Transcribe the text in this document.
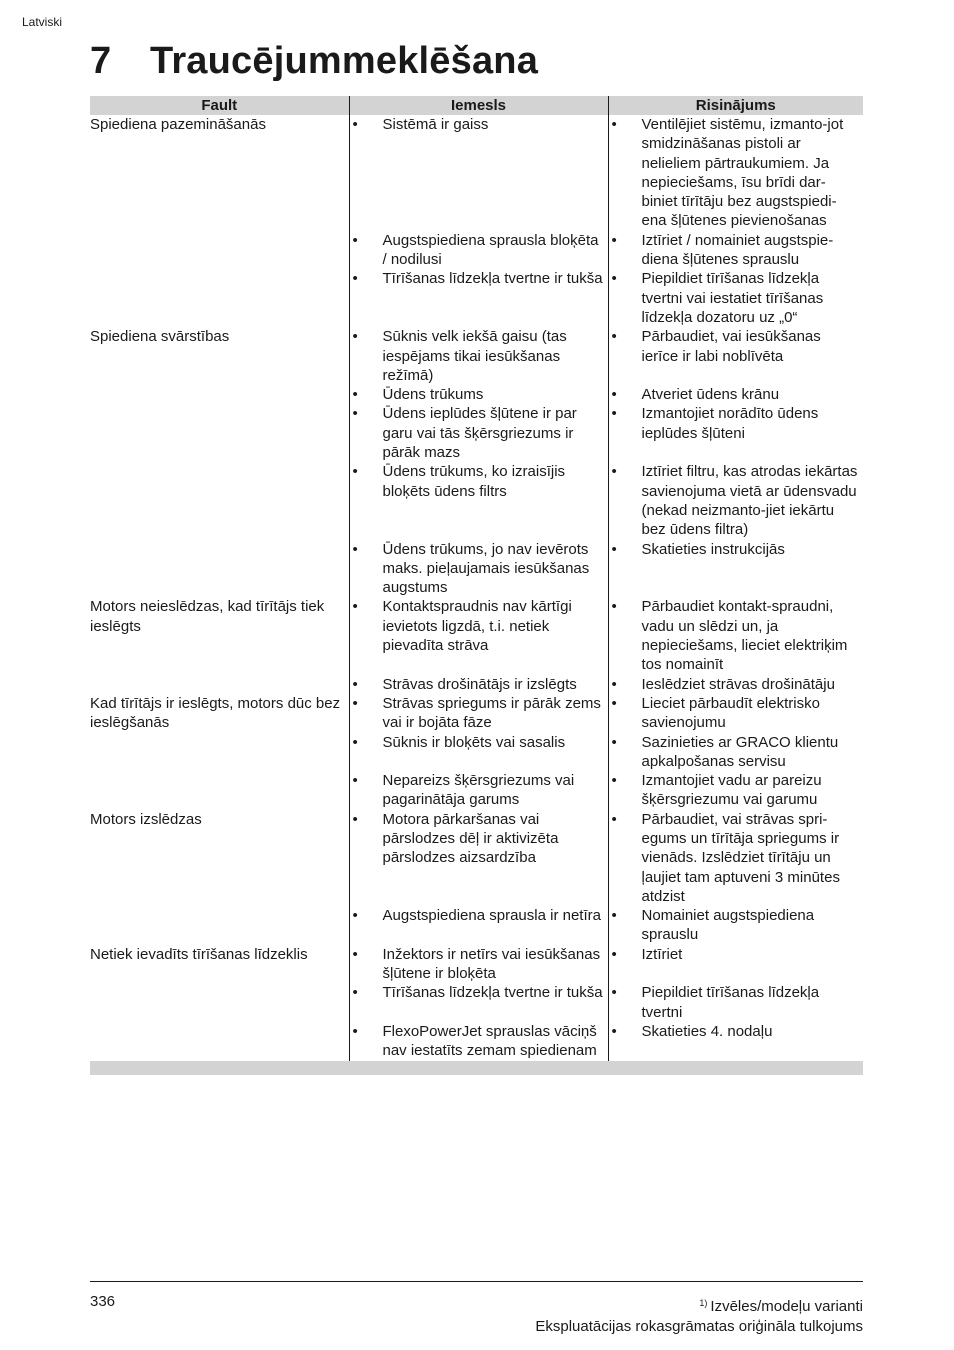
Latviski
7 Traucējummeklēšana
Fault	Iemesls	Risinājums
Spiediena pazemināšanās	• Sistēmā ir gaiss	• Ventilējiet sistēmu, izmanto-jot smidzināšanas pistoli ar nelieliem pārtraukumiem. Ja nepieciešams, īsu brīdi dar-biniet tīrītāju bez augstspiedi-ena šļūtenes pievienošanas

	• Augstspiediena sprausla bloķēta / nodilusi	• Iztīriet / nomainiet augstspie-diena šļūtenes sprauslu

	• Tīrīšanas līdzekļa tvertne ir tukša	• Piepildiet tīrīšanas līdzekļa tvertni vai iestatiet tīrīšanas līdzekļa dozatoru uz „0“

Spiediena svārstības	• Sūknis velk iekšā gaisu (tas iespējams tikai iesūkšanas režīmā)	• Pārbaudiet, vai iesūkšanas ierīce ir labi noblīvēta

	• Ūdens trūkums	• Atveriet ūdens krānu

	• Ūdens ieplūdes šļūtene ir par garu vai tās šķērsgriezums ir pārāk mazs	• Izmantojiet norādīto ūdens ieplūdes šļūteni

	• Ūdens trūkums, ko izraisījis bloķēts ūdens filtrs	• Iztīriet filtru, kas atrodas iekārtas savienojuma vietā ar ūdensvadu (nekad neizmanto-jiet iekārtu bez ūdens filtra)

	• Ūdens trūkums, jo nav ievērots maks. pieļaujamais iesūkšanas augstums	• Skatieties instrukcijās

Motors neieslēdzas, kad tīrītājs tiek ieslēgts	• Kontaktspraudnis nav kārtīgi ievietots ligzdā, t.i. netiek pievadīta strāva	• Pārbaudiet kontakt-spraudni, vadu un slēdzi un, ja nepieciešams, lieciet elektriķim tos nomainīt

	• Strāvas drošinātājs ir izslēgts	• Ieslēdziet strāvas drošinātāju

Kad tīrītājs ir ieslēgts, motors dūc bez ieslēgšanās	• Strāvas spriegums ir pārāk zems vai ir bojāta fāze	• Lieciet pārbaudīt elektrisko savienojumu

	• Sūknis ir bloķēts vai sasalis	• Sazinieties ar GRACO klientu apkalpošanas servisu

	• Nepareizs šķērsgriezums vai pagarinātāja garums	• Izmantojiet vadu ar pareizu šķērsgriezumu vai garumu

Motors izslēdzas	• Motora pārkaršanas vai pārslodzes dēļ ir aktivizēta pārslodzes aizsardzība	• Pārbaudiet, vai strāvas spri-egums un tīrītāja spriegums ir vienāds. Izslēdziet tīrītāju un ļaujiet tam aptuveni 3 minūtes atdzist

	• Augstspiediena sprausla ir netīra	• Nomainiet augstspiediena sprauslu

Netiek ievadīts tīrīšanas līdzeklis	• Inžektors ir netīrs vai iesūkšanas šļūtene ir bloķēta	• Iztīriet

	• Tīrīšanas līdzekļa tvertne ir tukša	• Piepildiet tīrīšanas līdzekļa tvertni

	• FlexoPowerJet sprauslas vāciņš nav iestatīts zemam spiedienam	• Skatieties 4. nodaļu

336	$^{1)}$ Izvēles/modeļu varianti
Ekspluatācijas rokasgrāmatas oriģināla tulkojums
